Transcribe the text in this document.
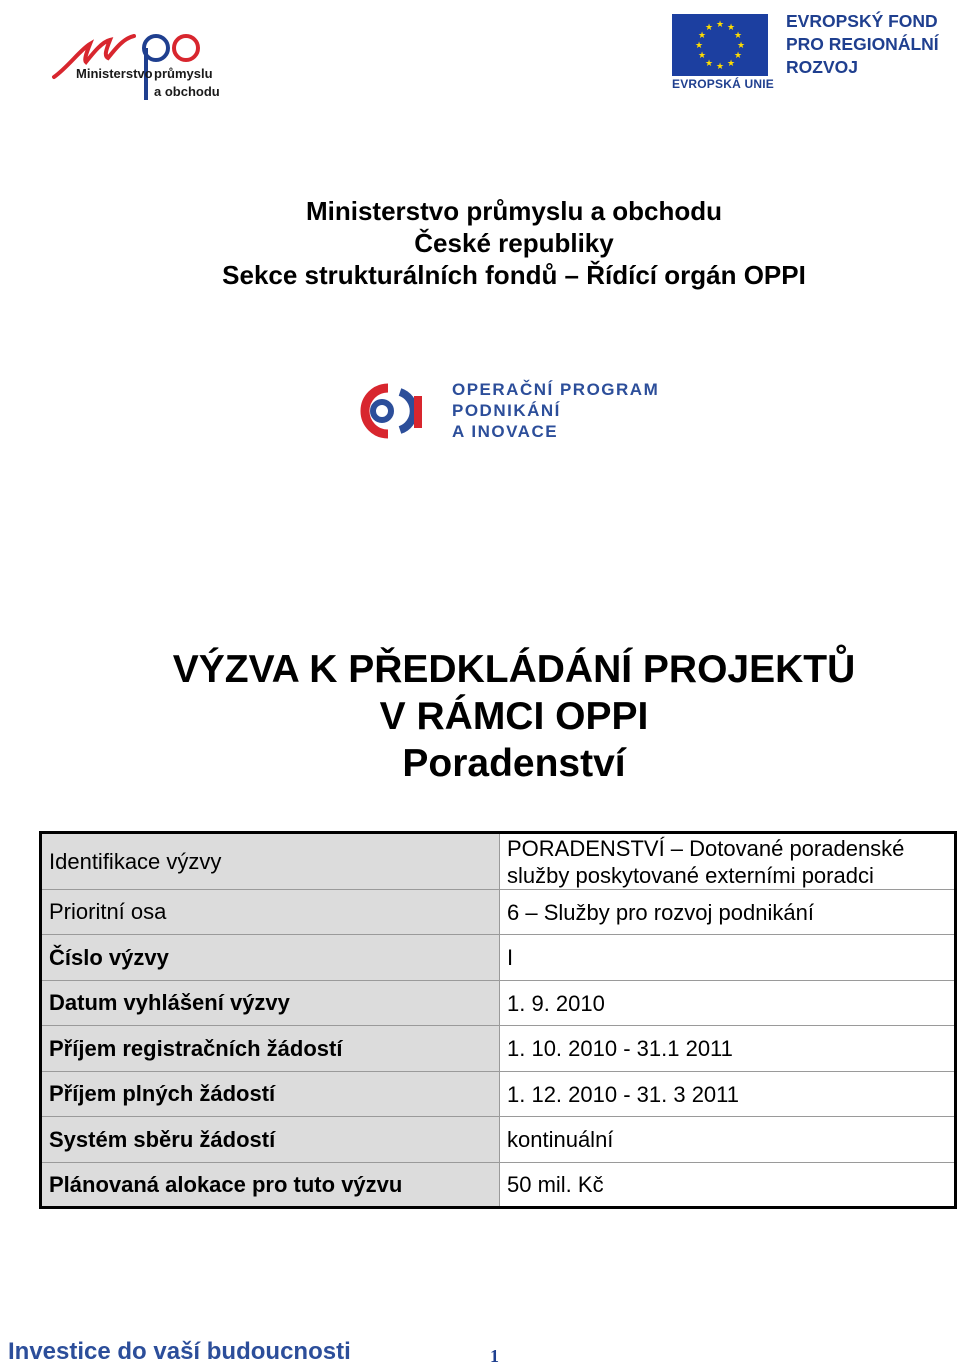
Ministerstvo průmyslu
a obchodu
★ ★
★
★
★
★
★
★
★
★
★
★
EVROPSKÁ UNIE
EVROPSKÝ FOND
PRO REGIONÁLNÍ
ROZVOJ
Ministerstvo průmyslu a obchodu
České republiky
Sekce strukturálních fondů – Řídící orgán OPPI
OPERAČNÍ PROGRAM
PODNIKÁNÍ
A INOVACE
VÝZVA K PŘEDKLÁDÁNÍ PROJEKTŮ
V RÁMCI OPPI
Poradenství
Identifikace výzvy	PORADENSTVÍ – Dotované poradenské služby poskytované externími poradci
Prioritní osa	6 – Služby pro rozvoj podnikání
Číslo výzvy	I
Datum vyhlášení výzvy	1. 9. 2010
Příjem registračních žádostí	1. 10. 2010 - 31.1 2011
Příjem plných žádostí	1. 12. 2010 - 31. 3 2011
Systém sběru žádostí	kontinuální
Plánovaná alokace pro tuto výzvu	50 mil. Kč
Investice do vaší budoucnosti	1
